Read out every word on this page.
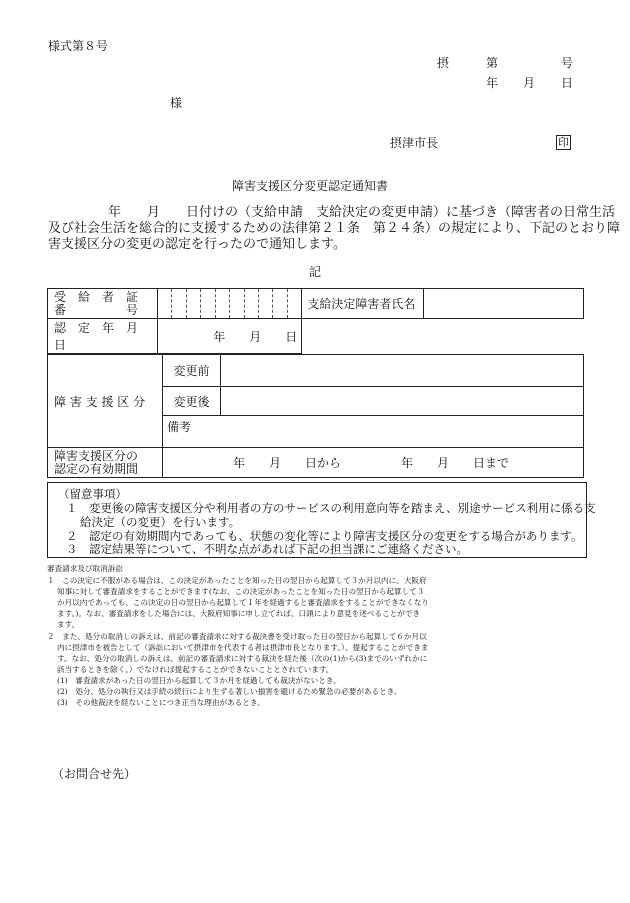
様式第８号
摂	第	号
年 月 日
様
摂津市長	印
障害支援区分変更認定通知書
年　　月　　日付けの（支給申請　支給決定の変更申請）に基づき（障害者の日常生活
及び社会生活を総合的に支援するための法律第２１条　第２４条）の規定により、下記のとおり障
害支援区分の変更の認定を行ったので通知します。
記
受　給　者　証
番　　　　　号		支給決定障害者氏名	
認　定　年　月　日	年　　月　　日		
障 害 支 援 区 分	変更前	
	変更後	
	備考	

障害支援区分の
認定の有効期間	年　　月　　日から　　　　　年　　月　　日まで	
（留意事項）
１　変更後の障害支援区分や利用者の方のサービスの利用意向等を踏まえ、別途サービス利用に係る支
給決定（の変更）を行います。
２　認定の有効期間内であっても、状態の変化等により障害支援区分の変更をする場合があります。
３　認定結果等について、不明な点があれば下記の担当課にご連絡ください。
審査請求及び取消訴訟
１　この決定に不服がある場合は、この決定があったことを知った日の翌日から起算して３か月以内に、大阪府
知事に対して審査請求をすることができます(なお、この決定があったことを知った日の翌日から起算して３
か月以内であっても、この決定の日の翌日から起算して１年を経過すると審査請求をすることができなくなり
ます。)。なお、審査請求をした場合には、大阪府知事に申し立てれば、口頭により意見を述べることができ
ます。
２　また、処分の取消しの訴えは、前記の審査請求に対する裁決書を受け取った日の翌日から起算して６か月以
内に摂津市を被告として（訴訟において摂津市を代表する者は摂津市長となります。）、提起することができま
す。なお、処分の取消しの訴えは、前記の審査請求に対する裁決を経た後（次の(1)から(3)までのいずれかに
該当するときを除く。）でなければ提起することができないこととされています。
(1)　審査請求があった日の翌日から起算して３か月を経過しても裁決がないとき。
(2)　処分、処分の執行又は手続の続行により生ずる著しい損害を避けるため緊急の必要があるとき。
(3)　その他裁決を経ないことにつき正当な理由があるとき。
（お問合せ先）
